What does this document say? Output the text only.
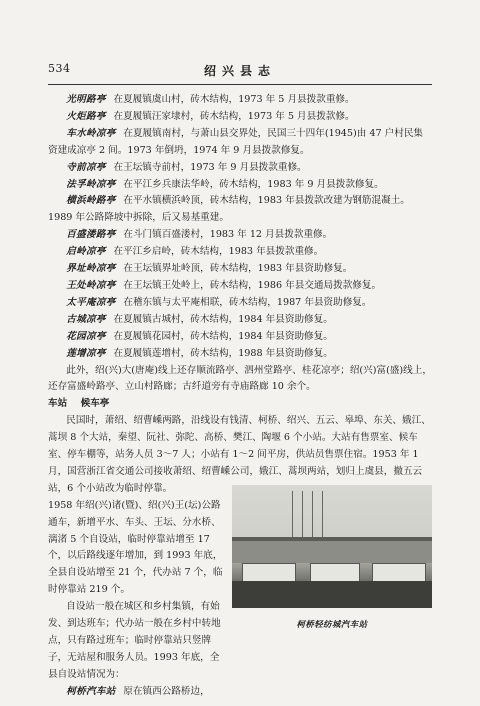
534	绍兴县志

光明路亭 在夏履镇虞山村，砖木结构，1973 年 5 月县拨款重修。

火炬路亭 在夏履镇汪家埭村，砖木结构，1973 年 5 月县拨款修。

车水岭凉亭 在夏履镇南村，与萧山县交界处，民国三十四年(1945)由 47 户村民集资建成凉亭 2 间。1973 年倒坍，1974 年 9 月县拨款修复。

寺前凉亭 在王坛镇寺前村，1973 年 9 月县拨款重修。

法孚岭凉亭 在平江乡兵康法华岭，砖木结构，1983 年 9 月县拨款修复。

横浜岭路亭 在平水镇横浜岭顶，砖木结构，1983 年县拨款改建为钢筋混凝土。1989 年公路降坡中拆除，后又易基重建。

百盛溇路亭 在斗门镇百盛溇村，1983 年 12 月县拨款重修。

启岭凉亭 在平江乡启岭，砖木结构，1983 年县拨款重修。

界址岭凉亭 在王坛镇界址岭顶，砖木结构，1983 年县资助修复。

王处岭凉亭 在王坛镇王处岭上，砖木结构，1986 年县交通局拨款修复。

太平庵凉亭 在稽东镇与太平庵相联，砖木结构，1987 年县资助修复。

古城凉亭 在夏履镇古城村，砖木结构，1984 年县资助修复。

花园凉亭 在夏履镇花园村，砖木结构，1984 年县资助修复。

莲增凉亭 在夏履镇莲增村，砖木结构，1988 年县资助修复。

此外，绍(兴)大(唐庵)线上还存顺流路亭、泗州堂路亭、桂花凉亭；绍(兴)富(盛)线上，还存富盛岭路亭、立山村路廊；古纤道旁有寺庙路廊 10 余个。

车站 候车亭

民国时，萧绍、绍曹嵊两路，沿线设有钱清、柯桥、绍兴、五云、皋埠、东关、娥江、蒿坝 8 个大站，秦望、阮社、弥陀、高桥、樊江、陶堰 6 个小站。大站有售票室、候车室、停车棚等，站务人员 3～7 人；小站有 1～2 间平房，供站员售票住宿。1953 年 1 月，国营浙江省交通公司接收萧绍、绍曹嵊公司，娥江、蒿坝两站，划归上虞县，撤五云站，6 个小站改为临时停靠。

1958 年绍(兴)诸(暨)、绍(兴)王(坛)公路通车，新增平水、车头、王坛、分水桥、漓渚 5 个自设站，临时停靠站增至 17 个，以后路线逐年增加，到 1993 年底，全县自设站增至 21 个，代办站 7 个，临时停靠站 219 个。

自设站一般在城区和乡村集镇，有始发、到达班车；代办站一般在乡村中转地点，只有路过班车；临时停靠站只竖牌子，无站屋和服务人员。1993 年底，全县自设站情况为：

柯桥汽车站 原在镇西公路桥边，

柯桥轻纺城汽车站
